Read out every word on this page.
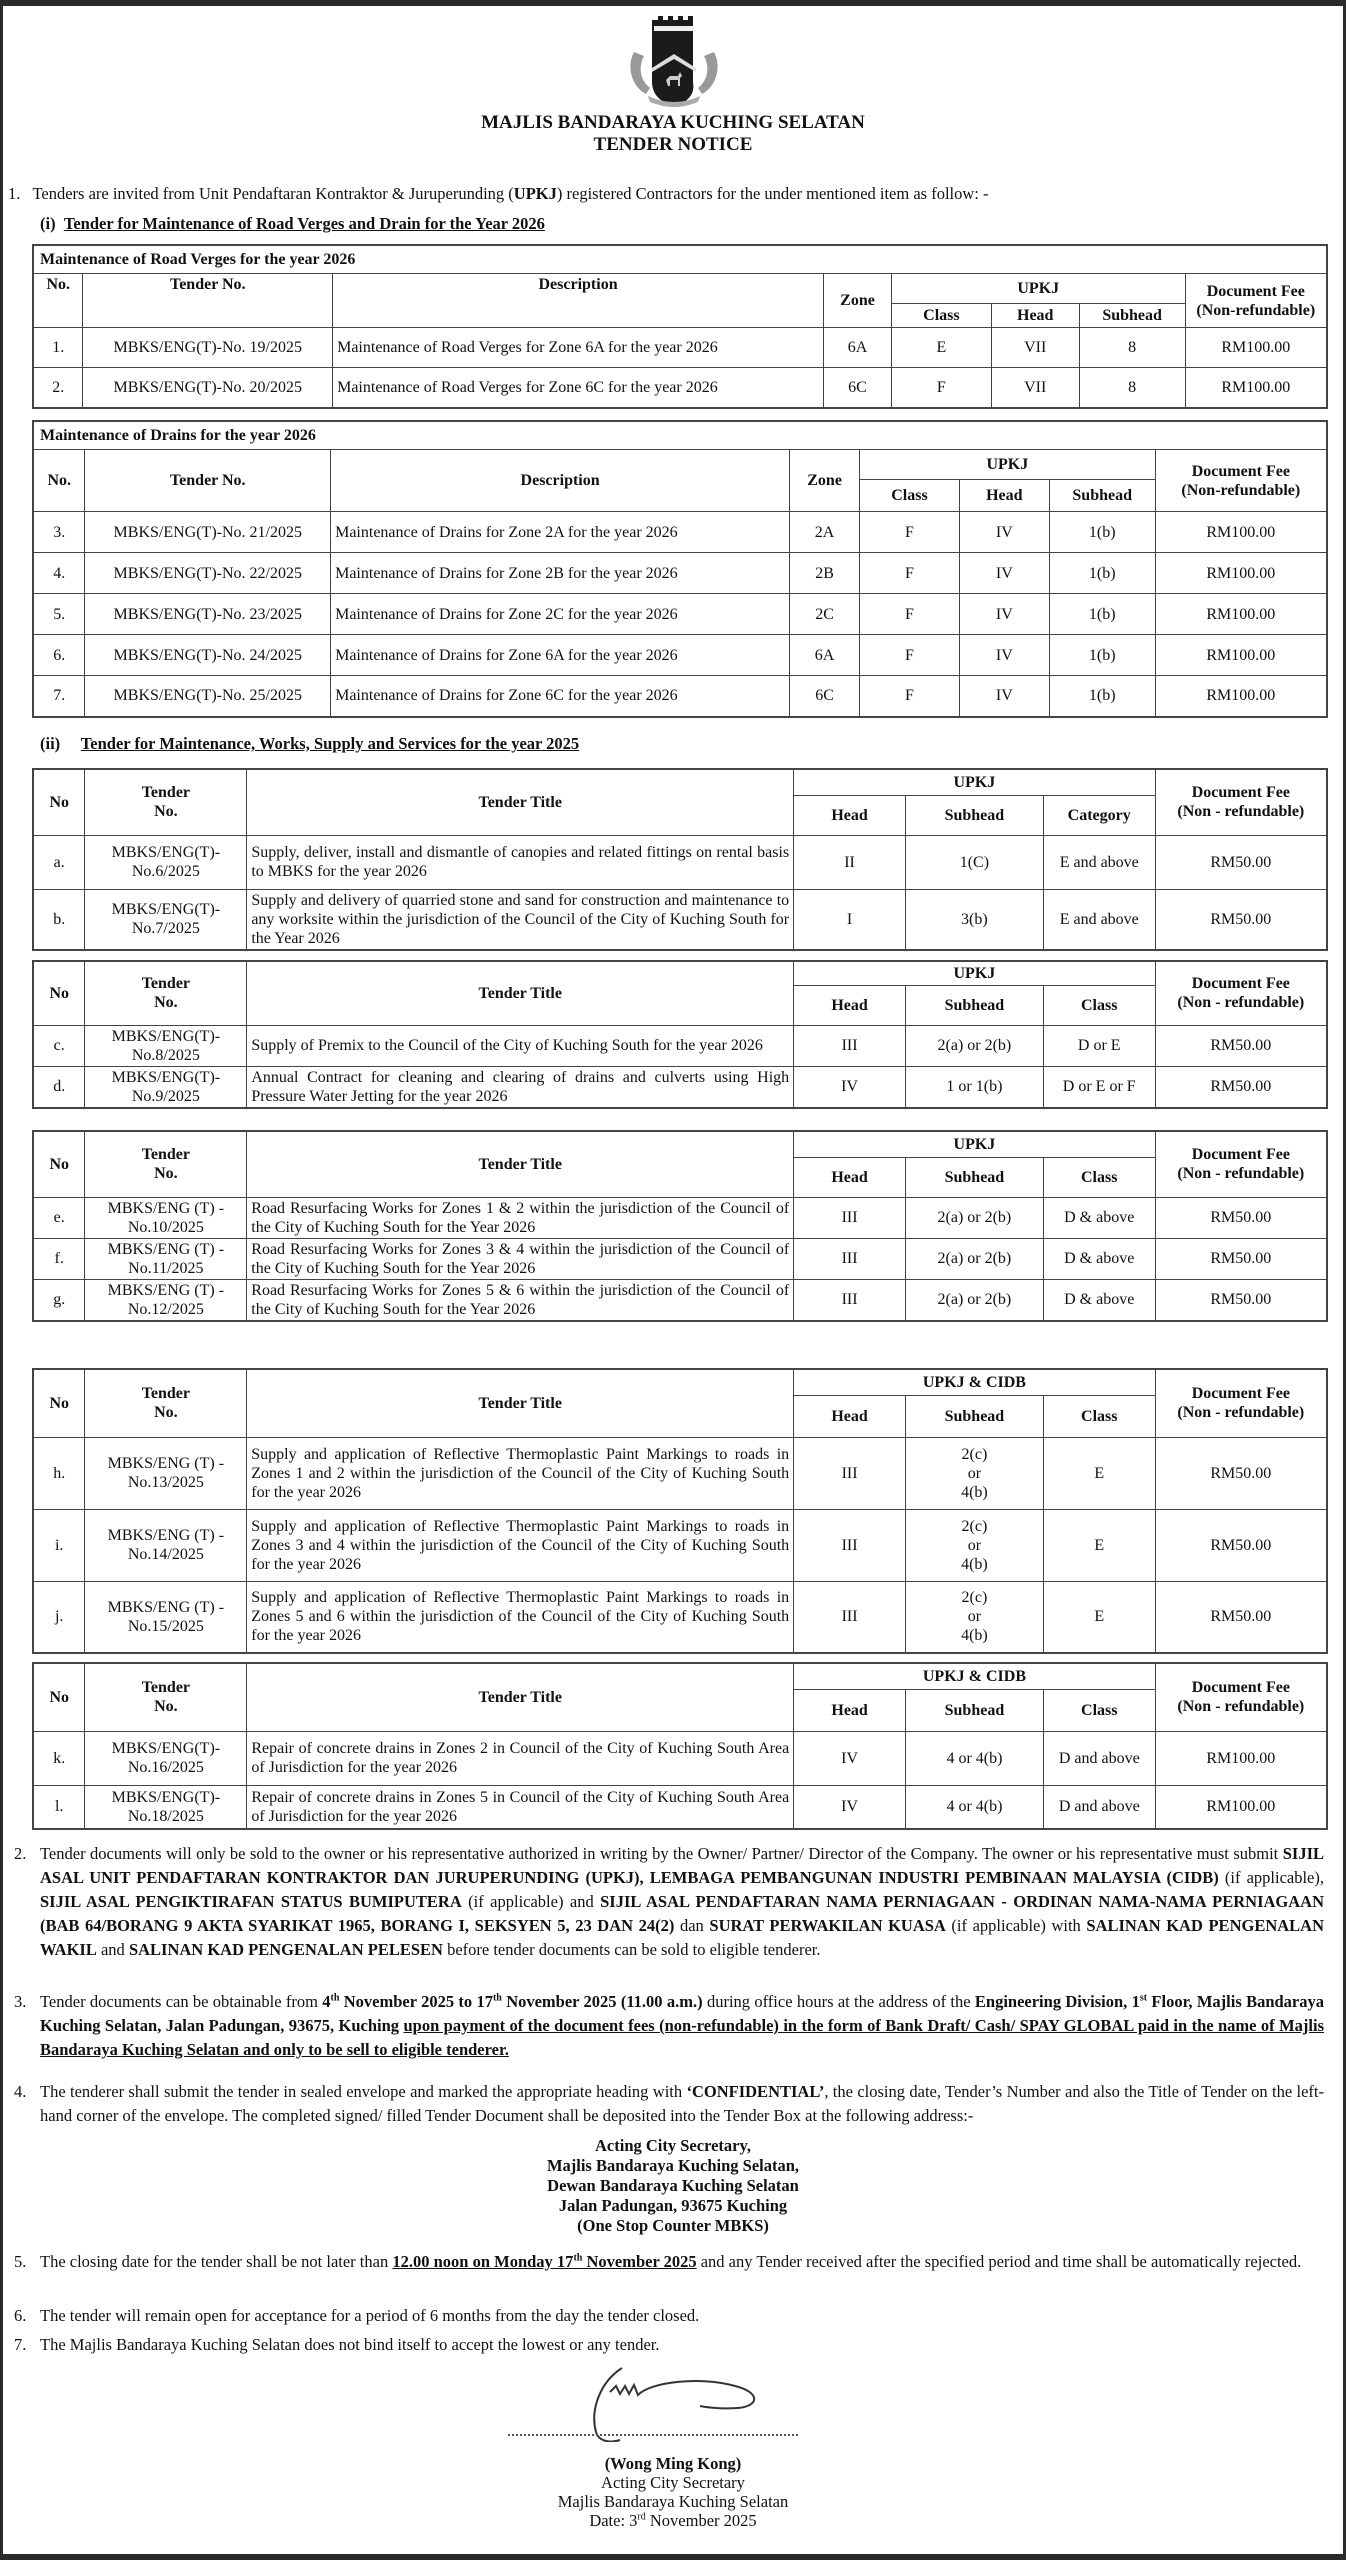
MAJLIS BANDARAYA KUCHING SELATAN
TENDER NOTICE
1. Tenders are invited from Unit Pendaftaran Kontraktor & Juruperunding (UPKJ) registered Contractors for the under mentioned item as follow: -
(i) Tender for Maintenance of Road Verges and Drain for the Year 2026
Maintenance of Road Verges for the year 2026							
No.	Tender No.	Description	Zone	UPKJ			Document Fee
(Non-refundable)

				Class	Head	Subhead	
1.	MBKS/ENG(T)-No. 19/2025	Maintenance of Road Verges for Zone 6A for the year 2026	6A	E	VII	8	RM100.00
2.	MBKS/ENG(T)-No. 20/2025	Maintenance of Road Verges for Zone 6C for the year 2026	6C	F	VII	8	RM100.00
Maintenance of Drains for the year 2026							
No.	Tender No.	Description	Zone	UPKJ			Document Fee
(Non-refundable)

				Class	Head	Subhead	
3.	MBKS/ENG(T)-No. 21/2025	Maintenance of Drains for Zone 2A for the year 2026	2A	F	IV	1(b)	RM100.00
4.	MBKS/ENG(T)-No. 22/2025	Maintenance of Drains for Zone 2B for the year 2026	2B	F	IV	1(b)	RM100.00
5.	MBKS/ENG(T)-No. 23/2025	Maintenance of Drains for Zone 2C for the year 2026	2C	F	IV	1(b)	RM100.00
6.	MBKS/ENG(T)-No. 24/2025	Maintenance of Drains for Zone 6A for the year 2026	6A	F	IV	1(b)	RM100.00
7.	MBKS/ENG(T)-No. 25/2025	Maintenance of Drains for Zone 6C for the year 2026	6C	F	IV	1(b)	RM100.00
(ii) Tender for Maintenance, Works, Supply and Services for the year 2025
No	
Tender
No.
	Tender Title	UPKJ	
Document Fee
(Non - refundable)

			Head	Subhead	Category	
a.	MBKS/ENG(T)-
No.6/2025	Supply, deliver, install and dismantle of canopies and related fittings on rental basis to MBKS for the year 2026	II	1(C)	E and above	RM50.00
b.	MBKS/ENG(T)-
No.7/2025	Supply and delivery of quarried stone and sand for construction and maintenance to any worksite within the jurisdiction of the Council of the City of Kuching South for the Year 2026	I	3(b)	E and above	RM50.00
No	
Tender
No.
	Tender Title	UPKJ	
Document Fee
(Non - refundable)

			Head	Subhead	Class	
c.	MBKS/ENG(T)-
No.8/2025	Supply of Premix to the Council of the City of Kuching South for the year 2026	III	2(a) or 2(b)	D or E	RM50.00
d.	MBKS/ENG(T)-
No.9/2025	Annual Contract for cleaning and clearing of drains and culverts using High Pressure Water Jetting for the year 2026	IV	1 or 1(b)	D or E or F	RM50.00
No	
Tender
No.
	Tender Title	UPKJ	
Document Fee
(Non - refundable)

			Head	Subhead	Class	
e.	MBKS/ENG (T) -
No.10/2025	Road Resurfacing Works for Zones 1 & 2 within the jurisdiction of the Council of the City of Kuching South for the Year 2026	III	2(a) or 2(b)	D & above	RM50.00
f.	MBKS/ENG (T) -
No.11/2025	Road Resurfacing Works for Zones 3 & 4 within the jurisdiction of the Council of the City of Kuching South for the Year 2026	III	2(a) or 2(b)	D & above	RM50.00
g.	MBKS/ENG (T) -
No.12/2025	Road Resurfacing Works for Zones 5 & 6 within the jurisdiction of the Council of the City of Kuching South for the Year 2026	III	2(a) or 2(b)	D & above	RM50.00
No	
Tender
No.
	Tender Title	UPKJ & CIDB	
Document Fee
(Non - refundable)

			Head	Subhead	Class	
h.	
MBKS/ENG (T) -
No.13/2025
	Supply and application of Reflective Thermoplastic Paint Markings to roads in Zones 1 and 2 within the jurisdiction of the Council of the City of Kuching South for the year 2026	III	
2(c)
or
4(b)
	E	RM50.00
i.	
MBKS/ENG (T) -
No.14/2025
	Supply and application of Reflective Thermoplastic Paint Markings to roads in Zones 3 and 4 within the jurisdiction of the Council of the City of Kuching South for the year 2026	III	
2(c)
or
4(b)
	E	RM50.00
j.	
MBKS/ENG (T) -
No.15/2025
	Supply and application of Reflective Thermoplastic Paint Markings to roads in Zones 5 and 6 within the jurisdiction of the Council of the City of Kuching South for the year 2026	III	
2(c)
or
4(b)
	E	RM50.00
No	
Tender
No.
	Tender Title	UPKJ & CIDB	
Document Fee
(Non - refundable)

			Head	Subhead	Class	
k.	MBKS/ENG(T)-
No.16/2025	Repair of concrete drains in Zones 2 in Council of the City of Kuching South Area of Jurisdiction for the year 2026	IV	4 or 4(b)	D and above	RM100.00
l.	MBKS/ENG(T)-
No.18/2025	Repair of concrete drains in Zones 5 in Council of the City of Kuching South Area of Jurisdiction for the year 2026	IV	4 or 4(b)	D and above	RM100.00
2. Tender documents will only be sold to the owner or his representative authorized in writing by the Owner/ Partner/ Director of the Company. The owner or his representative must submit SIJIL ASAL UNIT PENDAFTARAN KONTRAKTOR DAN JURUPERUNDING (UPKJ), LEMBAGA PEMBANGUNAN INDUSTRI PEMBINAAN MALAYSIA (CIDB) (if applicable), SIJIL ASAL PENGIKTIRAFAN STATUS BUMIPUTERA (if applicable) and SIJIL ASAL PENDAFTARAN NAMA PERNIAGAAN - ORDINAN NAMA-NAMA PERNIAGAAN (BAB 64/BORANG 9 AKTA SYARIKAT 1965, BORANG I, SEKSYEN 5, 23 DAN 24(2) dan SURAT PERWAKILAN KUASA (if applicable) with SALINAN KAD PENGENALAN WAKIL and SALINAN KAD PENGENALAN PELESEN before tender documents can be sold to eligible tenderer.
3. Tender documents can be obtainable from 4th November 2025 to 17th November 2025 (11.00 a.m.) during office hours at the address of the Engineering Division, 1st Floor, Majlis Bandaraya Kuching Selatan, Jalan Padungan, 93675, Kuching upon payment of the document fees (non-refundable) in the form of Bank Draft/ Cash/ SPAY GLOBAL paid in the name of Majlis Bandaraya Kuching Selatan and only to be sell to eligible tenderer.
4. The tenderer shall submit the tender in sealed envelope and marked the appropriate heading with ‘CONFIDENTIAL’, the closing date, Tender’s Number and also the Title of Tender on the left-hand corner of the envelope. The completed signed/ filled Tender Document shall be deposited into the Tender Box at the following address:-
Acting City Secretary,
Majlis Bandaraya Kuching Selatan,
Dewan Bandaraya Kuching Selatan
Jalan Padungan, 93675 Kuching
(One Stop Counter MBKS)
5. The closing date for the tender shall be not later than 12.00 noon on Monday 17th November 2025 and any Tender received after the specified period and time shall be automatically rejected.
6. The tender will remain open for acceptance for a period of 6 months from the day the tender closed.
7. The Majlis Bandaraya Kuching Selatan does not bind itself to accept the lowest or any tender.
(Wong Ming Kong)
Acting City Secretary
Majlis Bandaraya Kuching Selatan
Date: 3rd November 2025
